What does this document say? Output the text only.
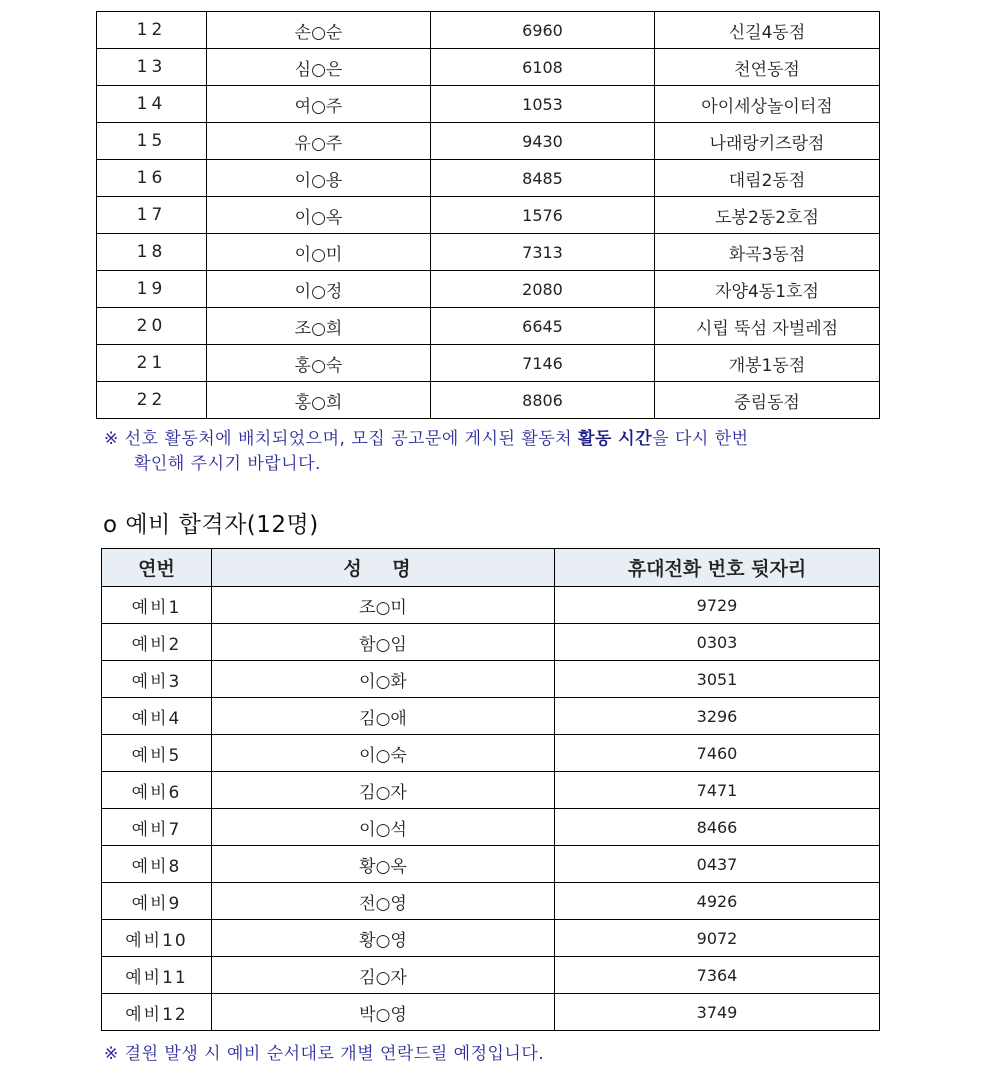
12	손○순	6960	신길4동점
13	심○은	6108	천연동점
14	여○주	1053	아이세상놀이터점
15	유○주	9430	나래랑키즈랑점
16	이○용	8485	대림2동점
17	이○옥	1576	도봉2동2호점
18	이○미	7313	화곡3동점
19	이○정	2080	자양4동1호점
20	조○희	6645	시립 뚝섬 자벌레점
21	홍○숙	7146	개봉1동점
22	홍○희	8806	중림동점
※ 선호 활동처에 배치되었으며, 모집 공고문에 게시된 활동처 활동 시간을 다시 한번
확인해 주시기 바랍니다.
o 예비 합격자(12명)
연번	성 명	휴대전화 번호 뒷자리
예비1	조○미	9729
예비2	함○임	0303
예비3	이○화	3051
예비4	김○애	3296
예비5	이○숙	7460
예비6	김○자	7471
예비7	이○석	8466
예비8	황○옥	0437
예비9	전○영	4926
예비10	황○영	9072
예비11	김○자	7364
예비12	박○영	3749
※ 결원 발생 시 예비 순서대로 개별 연락드릴 예정입니다.
